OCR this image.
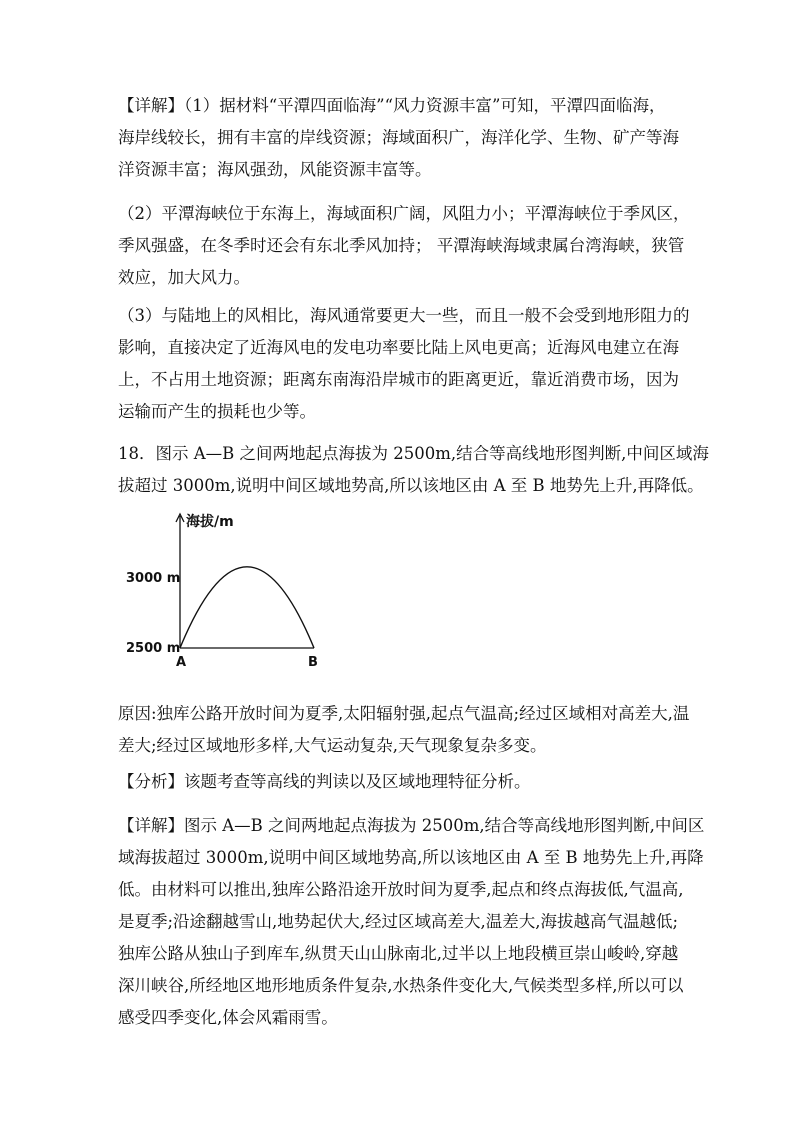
【详解】（1）据材料“平潭四面临海”“风力资源丰富”可知，平潭四面临海，
海岸线较长，拥有丰富的岸线资源；海域面积广，海洋化学、生物、矿产等海
洋资源丰富；海风强劲，风能资源丰富等。
（2）平潭海峡位于东海上，海域面积广阔，风阻力小；平潭海峡位于季风区，
季风强盛，在冬季时还会有东北季风加持； 平潭海峡海域隶属台湾海峡，狭管
效应，加大风力。
（3）与陆地上的风相比，海风通常要更大一些，而且一般不会受到地形阻力的
影响，直接决定了近海风电的发电功率要比陆上风电更高；近海风电建立在海
上，不占用土地资源；距离东南海沿岸城市的距离更近，靠近消费市场，因为
运输而产生的损耗也少等。
18．图示 A—B 之间两地起点海拔为 2500m,结合等高线地形图判断,中间区域海
拔超过 3000m,说明中间区域地势高,所以该地区由 A 至 B 地势先上升,再降低。
海拔/m
3000 m
2500 m
A	B
原因:独库公路开放时间为夏季,太阳辐射强,起点气温高;经过区域相对高差大,温
差大;经过区域地形多样,大气运动复杂,天气现象复杂多变。
【分析】该题考查等高线的判读以及区域地理特征分析。
【详解】图示 A—B 之间两地起点海拔为 2500m,结合等高线地形图判断,中间区
域海拔超过 3000m,说明中间区域地势高,所以该地区由 A 至 B 地势先上升,再降
低。由材料可以推出,独库公路沿途开放时间为夏季,起点和终点海拔低,气温高,
是夏季;沿途翻越雪山,地势起伏大,经过区域高差大,温差大,海拔越高气温越低;
独库公路从独山子到库车,纵贯天山山脉南北,过半以上地段横亘崇山峻岭,穿越
深川峡谷,所经地区地形地质条件复杂,水热条件变化大,气候类型多样,所以可以
感受四季变化,体会风霜雨雪。
